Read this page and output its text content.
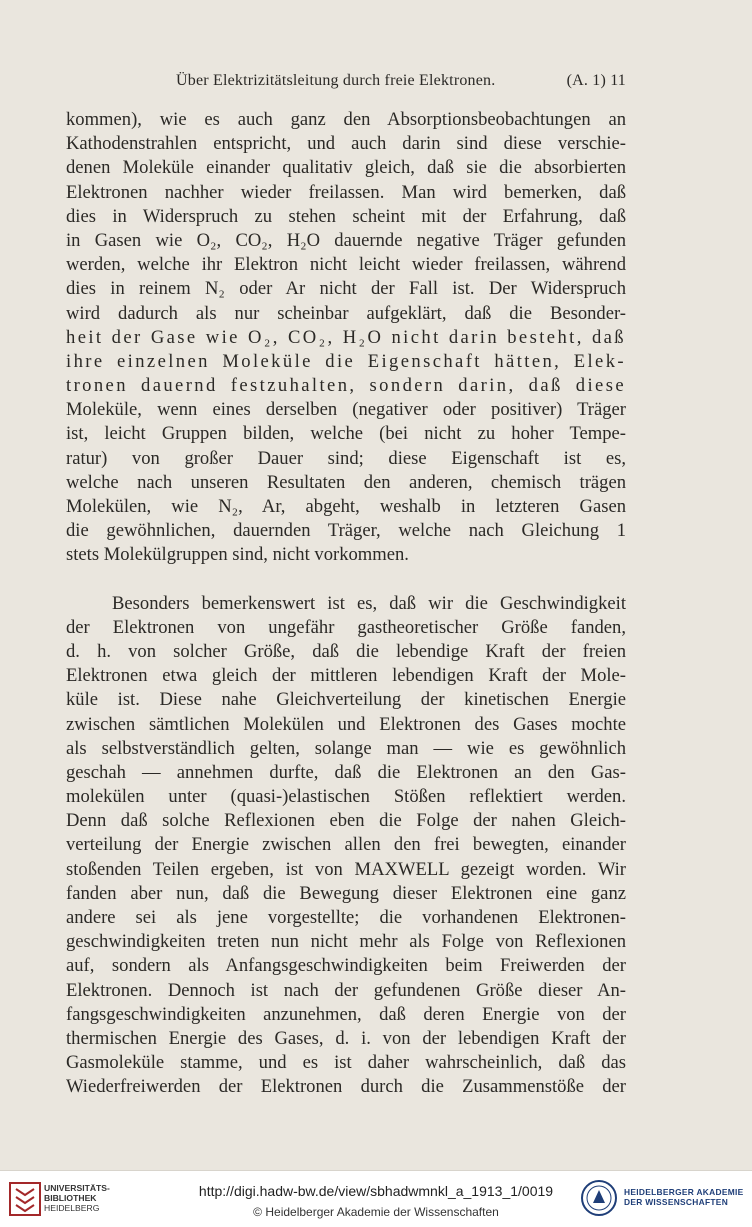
Über Elektrizitätsleitung durch freie Elektronen.	(A. 1) 11
kommen), wie es auch ganz den Absorptionsbeobachtungen an
Kathodenstrahlen entspricht, und auch darin sind diese verschie-
denen Moleküle einander qualitativ gleich, daß sie die absorbierten
Elektronen nachher wieder freilassen. Man wird bemerken, daß
dies in Widerspruch zu stehen scheint mit der Erfahrung, daß
in Gasen wie O₂, CO₂, H₂O dauernde negative Träger gefunden
werden, welche ihr Elektron nicht leicht wieder freilassen, während
dies in reinem N₂ oder Ar nicht der Fall ist. Der Widerspruch
wird dadurch als nur scheinbar aufgeklärt, daß die Besonder-
heit der Gase wie O₂, CO₂, H₂O nicht darin besteht, daß
ihre einzelnen Moleküle die Eigenschaft hätten, Elek-
tronen dauernd festzuhalten, sondern darin, daß diese
Moleküle, wenn eines derselben (negativer oder positiver) Träger
ist, leicht Gruppen bilden, welche (bei nicht zu hoher Tempe-
ratur) von großer Dauer sind; diese Eigenschaft ist es,
welche nach unseren Resultaten den anderen, chemisch trägen
Molekülen, wie N₂, Ar, abgeht, weshalb in letzteren Gasen
die gewöhnlichen, dauernden Träger, welche nach Gleichung 1
stets Molekülgruppen sind, nicht vorkommen.
Besonders bemerkenswert ist es, daß wir die Geschwindigkeit
der Elektronen von ungefähr gastheoretischer Größe fanden,
d. h. von solcher Größe, daß die lebendige Kraft der freien
Elektronen etwa gleich der mittleren lebendigen Kraft der Mole-
küle ist. Diese nahe Gleichverteilung der kinetischen Energie
zwischen sämtlichen Molekülen und Elektronen des Gases mochte
als selbstverständlich gelten, solange man — wie es gewöhnlich
geschah — annehmen durfte, daß die Elektronen an den Gas-
molekülen unter (quasi-)elastischen Stößen reflektiert werden.
Denn daß solche Reflexionen eben die Folge der nahen Gleich-
verteilung der Energie zwischen allen den frei bewegten, einander
stoßenden Teilen ergeben, ist von MAXWELL gezeigt worden. Wir
fanden aber nun, daß die Bewegung dieser Elektronen eine ganz
andere sei als jene vorgestellte; die vorhandenen Elektronen-
geschwindigkeiten treten nun nicht mehr als Folge von Reflexionen
auf, sondern als Anfangsgeschwindigkeiten beim Freiwerden der
Elektronen. Dennoch ist nach der gefundenen Größe dieser An-
fangsgeschwindigkeiten anzunehmen, daß deren Energie von der
thermischen Energie des Gases, d. i. von der lebendigen Kraft der
Gasmoleküle stamme, und es ist daher wahrscheinlich, daß das
Wiederfreiwerden der Elektronen durch die Zusammenstöße der
UNIVERSITÄTS-
BIBLIOTHEK
HEIDELBERG
http://digi.hadw-bw.de/view/sbhadwmnkl_a_1913_1/0019
© Heidelberger Akademie der Wissenschaften
HEIDELBERGER AKADEMIE
DER WISSENSCHAFTEN
